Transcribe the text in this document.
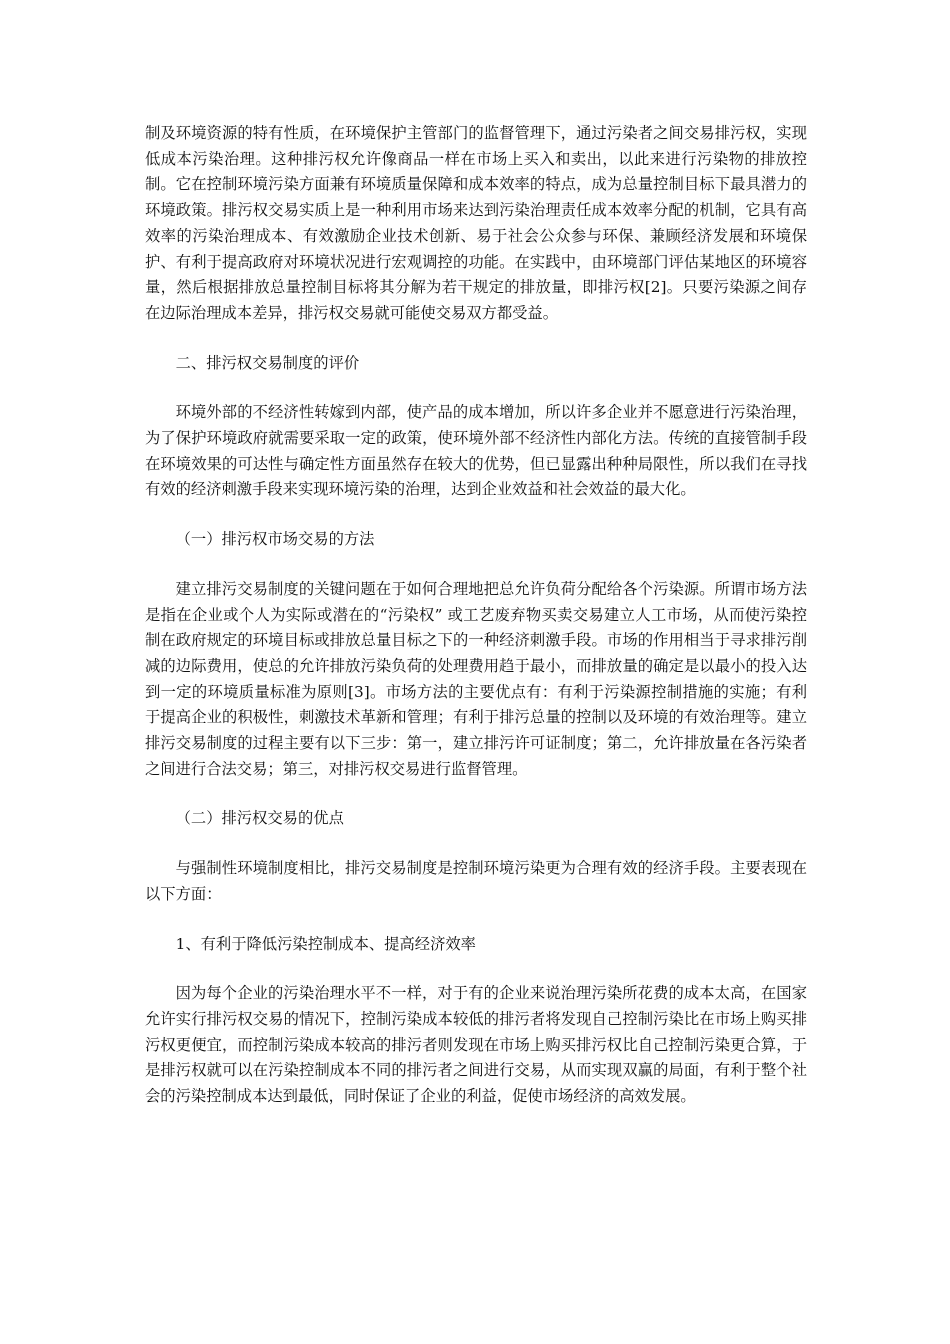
制及环境资源的特有性质，在环境保护主管部门的监督管理下，通过污染者之间交易排污权，实现低成本污染治理。这种排污权允许像商品一样在市场上买入和卖出，以此来进行污染物的排放控制。它在控制环境污染方面兼有环境质量保障和成本效率的特点，成为总量控制目标下最具潜力的环境政策。排污权交易实质上是一种利用市场来达到污染治理责任成本效率分配的机制，它具有高效率的污染治理成本、有效激励企业技术创新、易于社会公众参与环保、兼顾经济发展和环境保护、有利于提高政府对环境状况进行宏观调控的功能。在实践中，由环境部门评估某地区的环境容量，然后根据排放总量控制目标将其分解为若干规定的排放量，即排污权[2]。只要污染源之间存在边际治理成本差异，排污权交易就可能使交易双方都受益。

二、排污权交易制度的评价

环境外部的不经济性转嫁到内部，使产品的成本增加，所以许多企业并不愿意进行污染治理，为了保护环境政府就需要采取一定的政策，使环境外部不经济性内部化方法。传统的直接管制手段在环境效果的可达性与确定性方面虽然存在较大的优势，但已显露出种种局限性，所以我们在寻找有效的经济刺激手段来实现环境污染的治理，达到企业效益和社会效益的最大化。

（一）排污权市场交易的方法

建立排污交易制度的关键问题在于如何合理地把总允许负荷分配给各个污染源。所谓市场方法是指在企业或个人为实际或潜在的“污染权” 或工艺废弃物买卖交易建立人工市场，从而使污染控制在政府规定的环境目标或排放总量目标之下的一种经济刺激手段。市场的作用相当于寻求排污削减的边际费用，使总的允许排放污染负荷的处理费用趋于最小，而排放量的确定是以最小的投入达到一定的环境质量标准为原则[3]。市场方法的主要优点有：有利于污染源控制措施的实施；有利于提高企业的积极性，刺激技术革新和管理；有利于排污总量的控制以及环境的有效治理等。建立排污交易制度的过程主要有以下三步：第一，建立排污许可证制度；第二，允许排放量在各污染者之间进行合法交易；第三，对排污权交易进行监督管理。

（二）排污权交易的优点

与强制性环境制度相比，排污交易制度是控制环境污染更为合理有效的经济手段。主要表现在以下方面：

1、有利于降低污染控制成本、提高经济效率

因为每个企业的污染治理水平不一样，对于有的企业来说治理污染所花费的成本太高，在国家允许实行排污权交易的情况下，控制污染成本较低的排污者将发现自己控制污染比在市场上购买排污权更便宜，而控制污染成本较高的排污者则发现在市场上购买排污权比自己控制污染更合算，于是排污权就可以在污染控制成本不同的排污者之间进行交易，从而实现双赢的局面，有利于整个社会的污染控制成本达到最低，同时保证了企业的利益，促使市场经济的高效发展。
